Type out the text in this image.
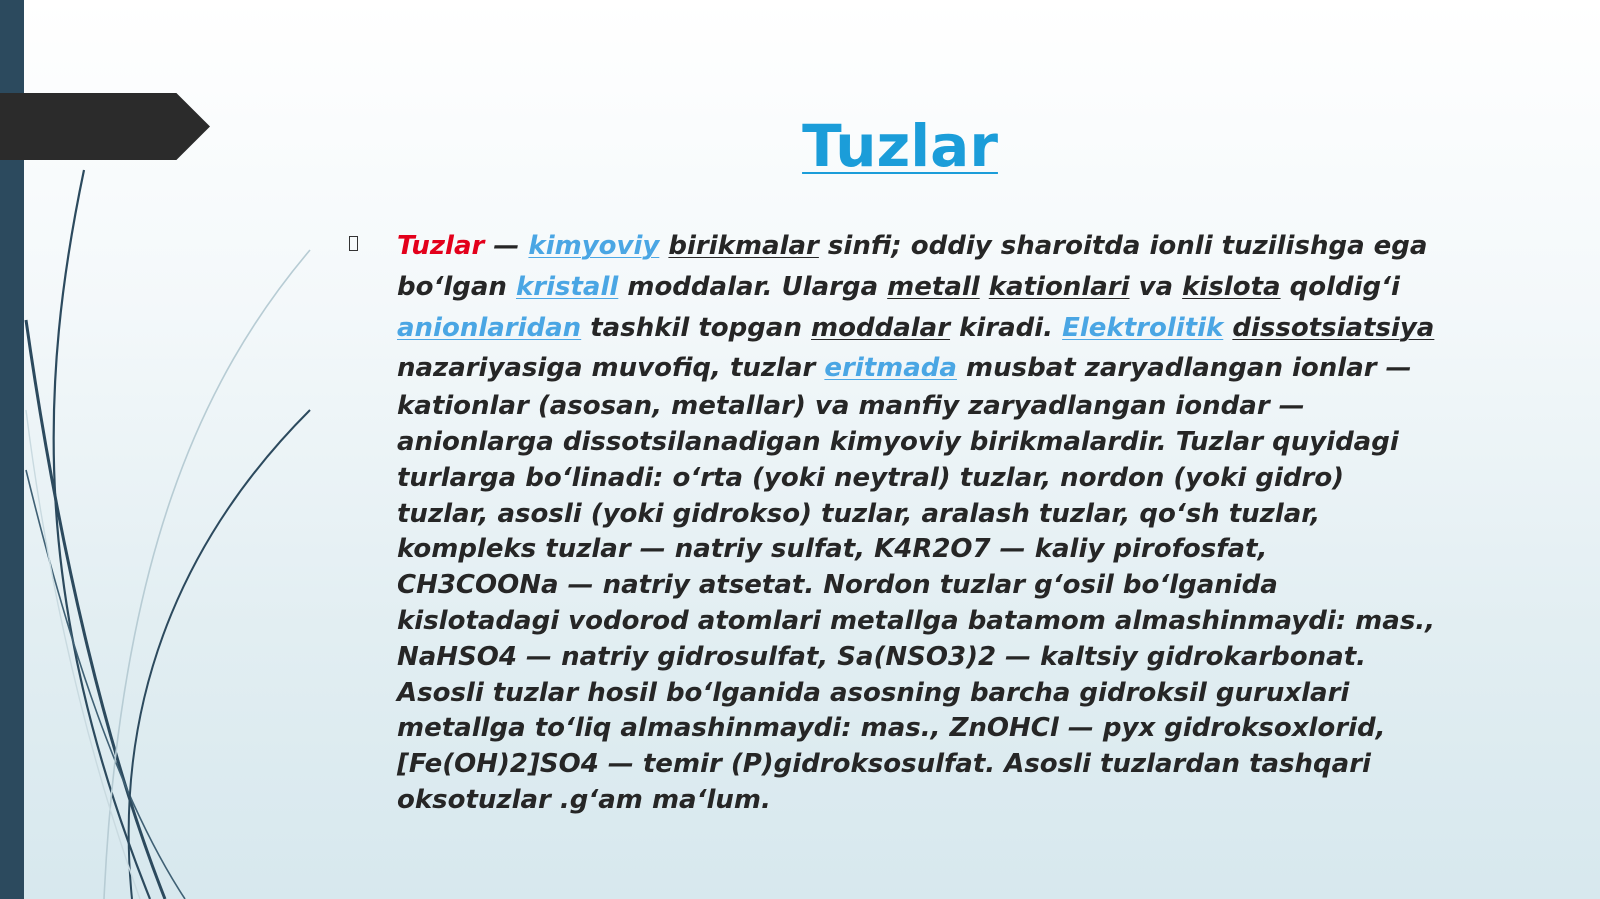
Tuzlar
Tuzlar — kimyoviy birikmalar sinfi; oddiy sharoitda ionli tuzilishga ega bo‘lgan kristall moddalar. Ularga metall kationlari va kislota qoldig‘i anionlaridan tashkil topgan moddalar kiradi. Elektrolitik dissotsiatsiya nazariyasiga muvofiq, tuzlar eritmada musbat zaryadlangan ionlar —
kationlar (asosan, metallar) va manfiy zaryadlangan iondar — anionlarga dissotsilanadigan kimyoviy birikmalardir. Tuzlar quyidagi turlarga bo‘linadi: o‘rta (yoki neytral) tuzlar, nordon (yoki gidro) tuzlar, asosli (yoki gidrokso) tuzlar, aralash tuzlar, qo‘sh tuzlar, kompleks tuzlar — natriy sulfat, K4R2O7 — kaliy pirofosfat, CH3COONa — natriy atsetat. Nordon tuzlar g‘osil bo‘lganida kislotadagi vodorod atomlari metallga batamom almashinmaydi: mas., NaHSO4 — natriy gidrosulfat, Sa(NSO3)2 — kaltsiy gidrokarbonat. Asosli tuzlar hosil bo‘lganida asosning barcha gidroksil guruxlari metallga to‘liq almashinmaydi: mas., ZnOHCl — pyx gidroksoxlorid, [Fe(OH)2]SO4 — temir (P)gidroksosulfat. Asosli tuzlardan tashqari oksotuzlar .g‘am ma‘lum.
